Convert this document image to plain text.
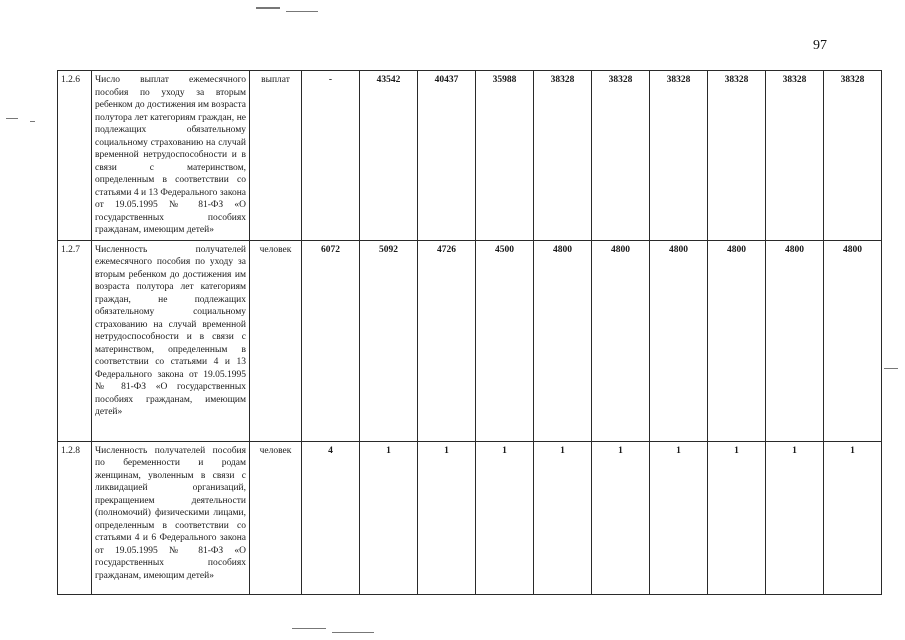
97
1.2.6	Число выплат ежемесячного пособия по уходу за вторым ребенком до достижения им возраста полутора лет категориям граждан, не подлежащих обязательному социальному страхованию на случай временной нетрудоспособности и в связи с материнством, определенным в соответствии со статьями 4 и 13 Федерального закона от 19.05.1995 № 81-ФЗ «О государственных пособиях гражданам, имеющим детей»	выплат	-	43542	40437	35988	38328	38328	38328	38328	38328	38328
1.2.7	Численность получателей ежемесячного пособия по уходу за вторым ребенком до достижения им возраста полутора лет категориям граждан, не подлежащих обязательному социальному страхованию на случай временной нетрудоспособности и в связи с материнством, определенным в соответствии со статьями 4 и 13 Федерального закона от 19.05.1995 № 81-ФЗ «О государственных пособиях гражданам, имеющим детей»	человек	6072	5092	4726	4500	4800	4800	4800	4800	4800	4800
1.2.8	Численность получателей пособия по беременности и родам женщинам, уволенным в связи с ликвидацией организаций, прекращением деятельности (полномочий) физическими лицами, определенным в соответствии со статьями 4 и 6 Федерального закона от 19.05.1995 № 81-ФЗ «О государственных пособиях гражданам, имеющим детей»	человек	4	1	1	1	1	1	1	1	1	1
